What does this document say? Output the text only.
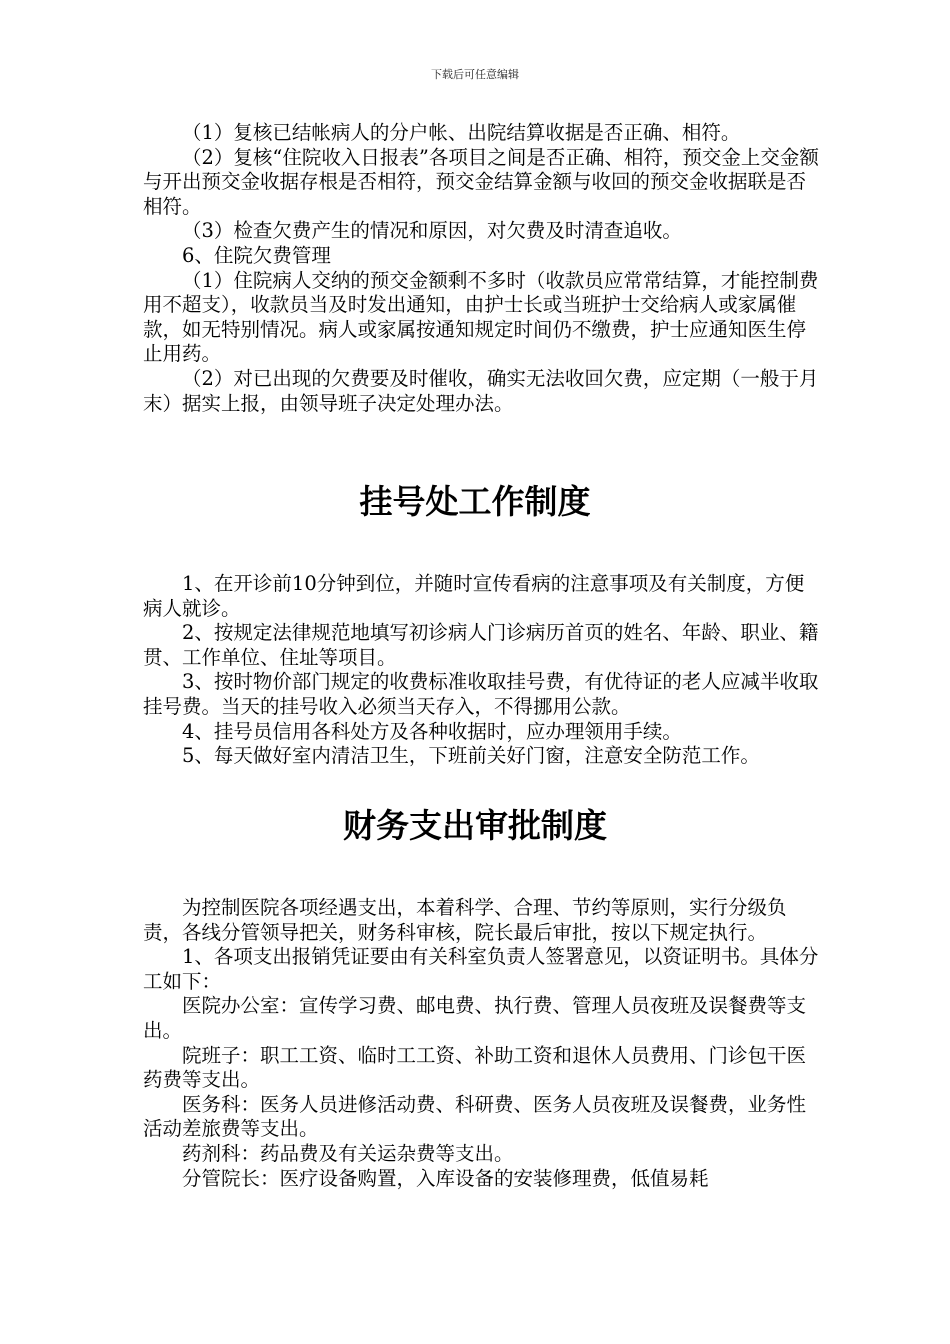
下载后可任意编辑

（1）复核已结帐病人的分户帐、出院结算收据是否正确、相符。

（2）复核“住院收入日报表”各项目之间是否正确、相符，预交金上交金额与开出预交金收据存根是否相符，预交金结算金额与收回的预交金收据联是否相符。

（3）检查欠费产生的情况和原因，对欠费及时清查追收。

6、住院欠费管理

（1）住院病人交纳的预交金额剩不多时（收款员应常常结算，才能控制费用不超支），收款员当及时发出通知，由护士长或当班护士交给病人或家属催款，如无特别情况。病人或家属按通知规定时间仍不缴费，护士应通知医生停止用药。

（2）对已出现的欠费要及时催收，确实无法收回欠费，应定期（一般于月末）据实上报，由领导班子决定处理办法。

挂号处工作制度

1、在开诊前10分钟到位，并随时宣传看病的注意事项及有关制度，方便病人就诊。

2、按规定法律规范地填写初诊病人门诊病历首页的姓名、年龄、职业、籍贯、工作单位、住址等项目。

3、按时物价部门规定的收费标准收取挂号费，有优待证的老人应减半收取挂号费。当天的挂号收入必须当天存入，不得挪用公款。

4、挂号员信用各科处方及各种收据时，应办理领用手续。

5、每天做好室内清洁卫生，下班前关好门窗，注意安全防范工作。

财务支出审批制度

为控制医院各项经遇支出，本着科学、合理、节约等原则，实行分级负责，各线分管领导把关，财务科审核，院长最后审批，按以下规定执行。

1、各项支出报销凭证要由有关科室负责人签署意见，以资证明书。具体分工如下：

医院办公室：宣传学习费、邮电费、执行费、管理人员夜班及误餐费等支出。

院班子：职工工资、临时工工资、补助工资和退休人员费用、门诊包干医药费等支出。

医务科：医务人员进修活动费、科研费、医务人员夜班及误餐费，业务性活动差旅费等支出。

药剂科：药品费及有关运杂费等支出。

分管院长：医疗设备购置，入库设备的安装修理费，低值易耗
